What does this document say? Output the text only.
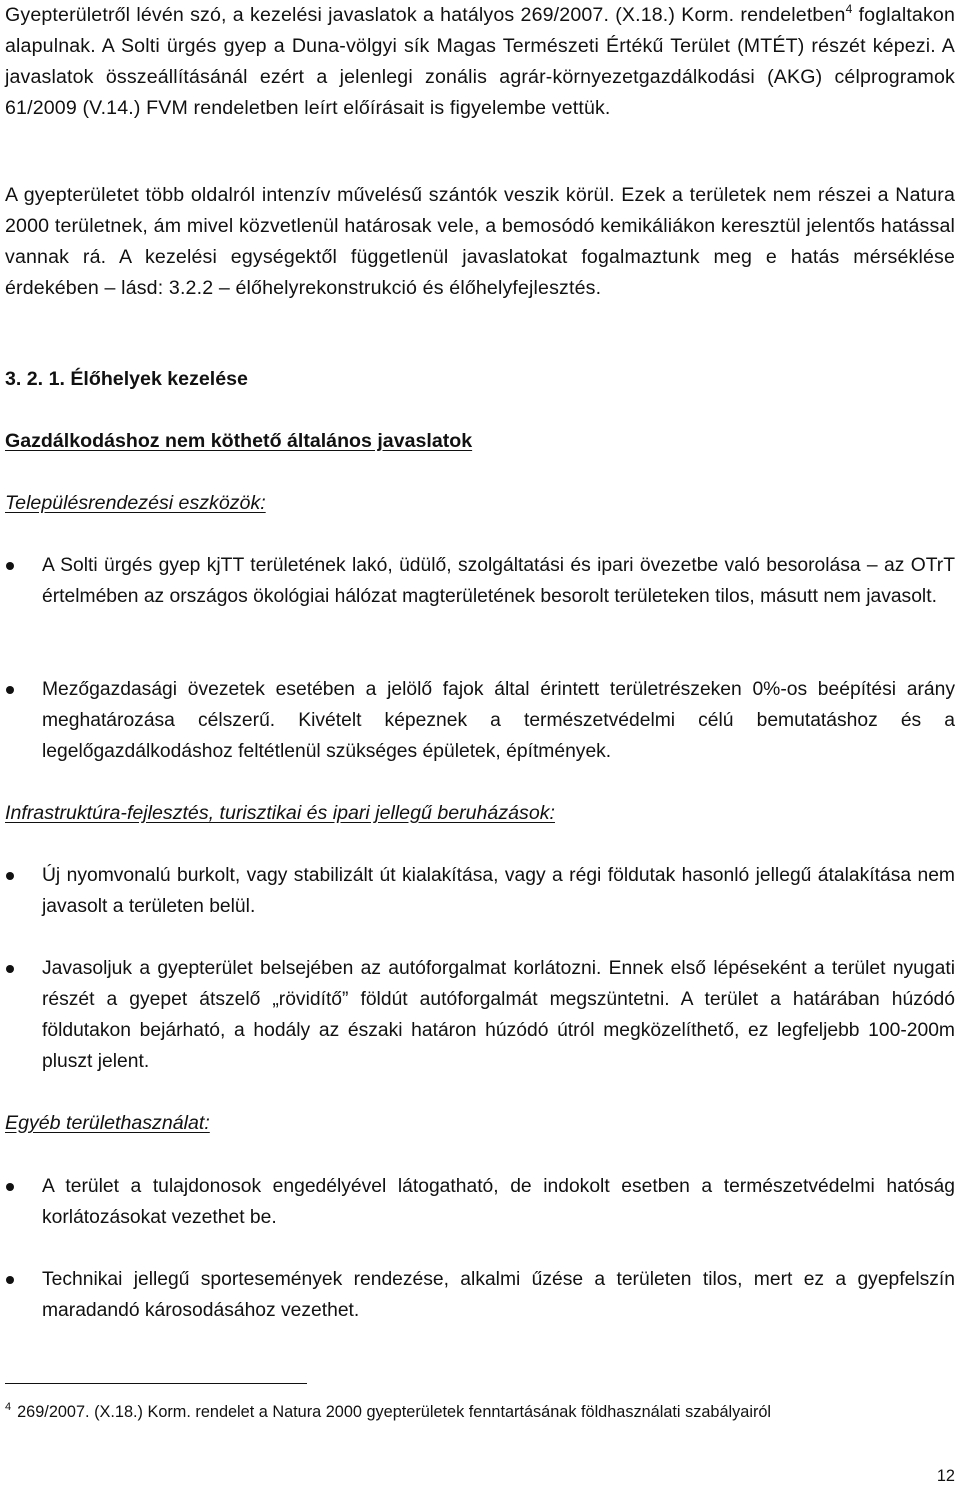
Gyepterületről lévén szó, a kezelési javaslatok a hatályos 269/2007. (X.18.) Korm. rendeletben$^4$ foglaltakon alapulnak. A Solti ürgés gyep a Duna-völgyi sík Magas Természeti Értékű Terület (MTÉT) részét képezi. A javaslatok összeállításánál ezért a jelenlegi zonális agrár-környezetgazdálkodási (AKG) célprogramok 61/2009 (V.14.) FVM rendeletben leírt előírásait is figyelembe vettük.

A gyepterületet több oldalról intenzív művelésű szántók veszik körül. Ezek a területek nem részei a Natura 2000 területnek, ám mivel közvetlenül határosak vele, a bemosódó kemikáliákon keresztül jelentős hatással vannak rá. A kezelési egységektől függetlenül javaslatokat fogalmaztunk meg e hatás mérséklése érdekében – lásd: 3.2.2 – élőhelyrekonstrukció és élőhelyfejlesztés.

3. 2. 1. Élőhelyek kezelése

Gazdálkodáshoz nem köthető általános javaslatok

Településrendezési eszközök:

A Solti ürgés gyep kjTT területének lakó, üdülő, szolgáltatási és ipari övezetbe való besorolása – az OTrT értelmében az országos ökológiai hálózat magterületének besorolt területeken tilos, másutt nem javasolt.

Mezőgazdasági övezetek esetében a jelölő fajok által érintett területrészeken 0%-os beépítési arány meghatározása célszerű. Kivételt képeznek a természetvédelmi célú bemutatáshoz és a legelőgazdálkodáshoz feltétlenül szükséges épületek, építmények.

Infrastruktúra-fejlesztés, turisztikai és ipari jellegű beruházások:

Új nyomvonalú burkolt, vagy stabilizált út kialakítása, vagy a régi földutak hasonló jellegű átalakítása nem javasolt a területen belül.

Javasoljuk a gyepterület belsejében az autóforgalmat korlátozni. Ennek első lépéseként a terület nyugati részét a gyepet átszelő „rövidítő” földút autóforgalmát megszüntetni. A terület a határában húzódó földutakon bejárható, a hodály az északi határon húzódó útról megközelíthető, ez legfeljebb 100-200m pluszt jelent.

Egyéb területhasználat:

A terület a tulajdonosok engedélyével látogatható, de indokolt esetben a természetvédelmi hatóság korlátozásokat vezethet be.

Technikai jellegű sportesemények rendezése, alkalmi űzése a területen tilos, mert ez a gyepfelszín maradandó károsodásához vezethet.

$^4$ 269/2007. (X.18.) Korm. rendelet a Natura 2000 gyepterületek fenntartásának földhasználati szabályairól

12
